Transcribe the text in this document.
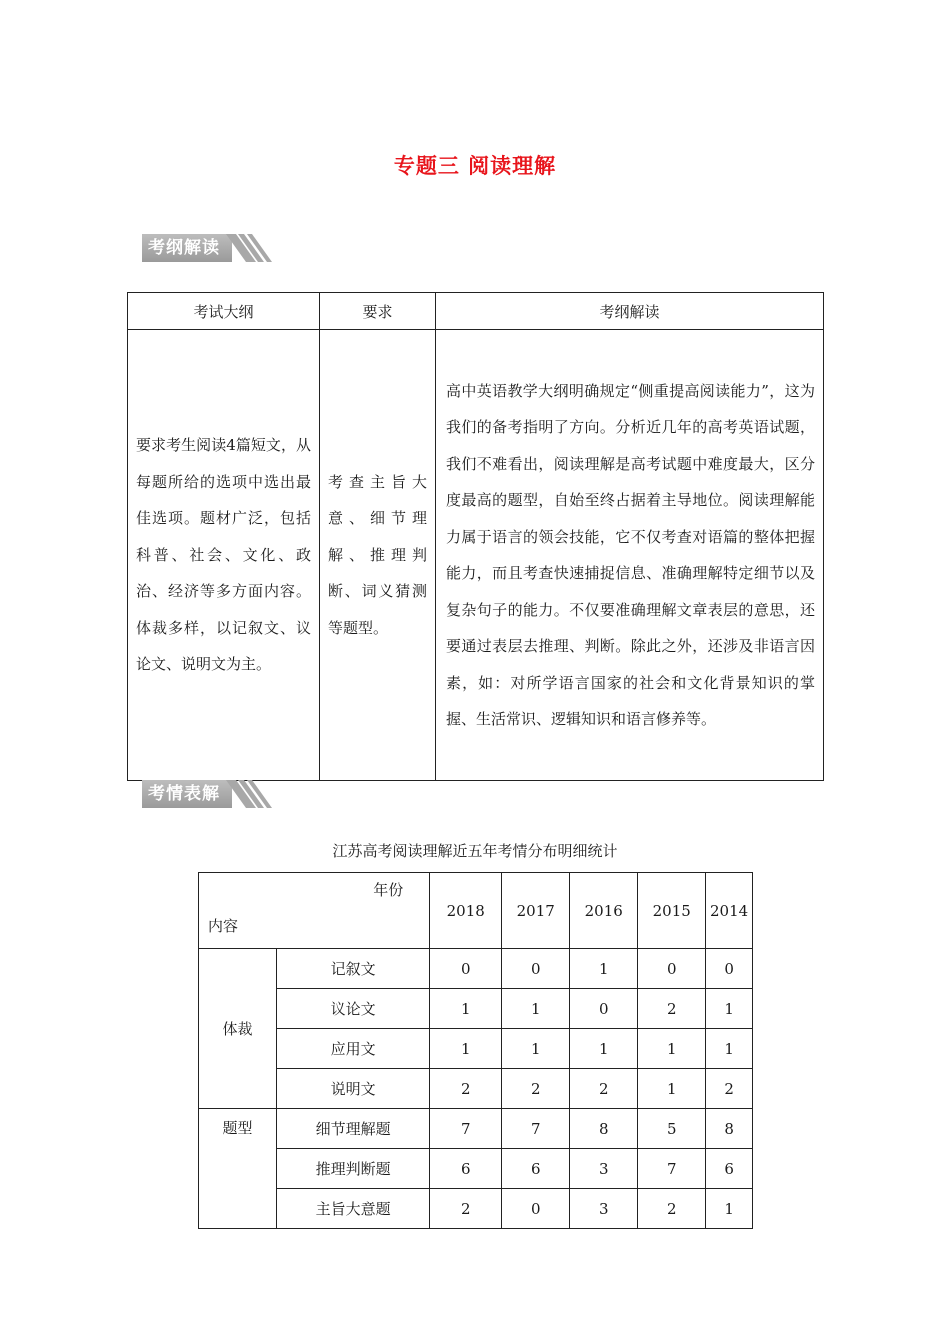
专题三 阅读理解
考纲解读
考试大纲	要求	考纲解读
要求考生阅读4篇短文，从每题所给的选项中选出最佳选项。题材广泛，包括科普、社会、文化、政治、经济等多方面内容。体裁多样，以记叙文、议论文、说明文为主。	考查主旨大意、细节理解、推理判断、词义猜测等题型。	高中英语教学大纲明确规定“侧重提高阅读能力”，这为我们的备考指明了方向。分析近几年的高考英语试题，我们不难看出，阅读理解是高考试题中难度最大，区分度最高的题型，自始至终占据着主导地位。阅读理解能力属于语言的领会技能，它不仅考查对语篇的整体把握能力，而且考查快速捕捉信息、准确理解特定细节以及复杂句子的能力。不仅要准确理解文章表层的意思，还要通过表层去推理、判断。除此之外，还涉及非语言因素，如：对所学语言国家的社会和文化背景知识的掌握、生活常识、逻辑知识和语言修养等。
考情表解
江苏高考阅读理解近五年考情分布明细统计
年份
内容		2018	2017	2016	2015	2014
体裁	记叙文	0	0	1	0	0
	议论文	1	1	0	2	1
	应用文	1	1	1	1	1
	说明文	2	2	2	1	2
题型	细节理解题	7	7	8	5	8
	推理判断题	6	6	3	7	6
	主旨大意题	2	0	3	2	1
